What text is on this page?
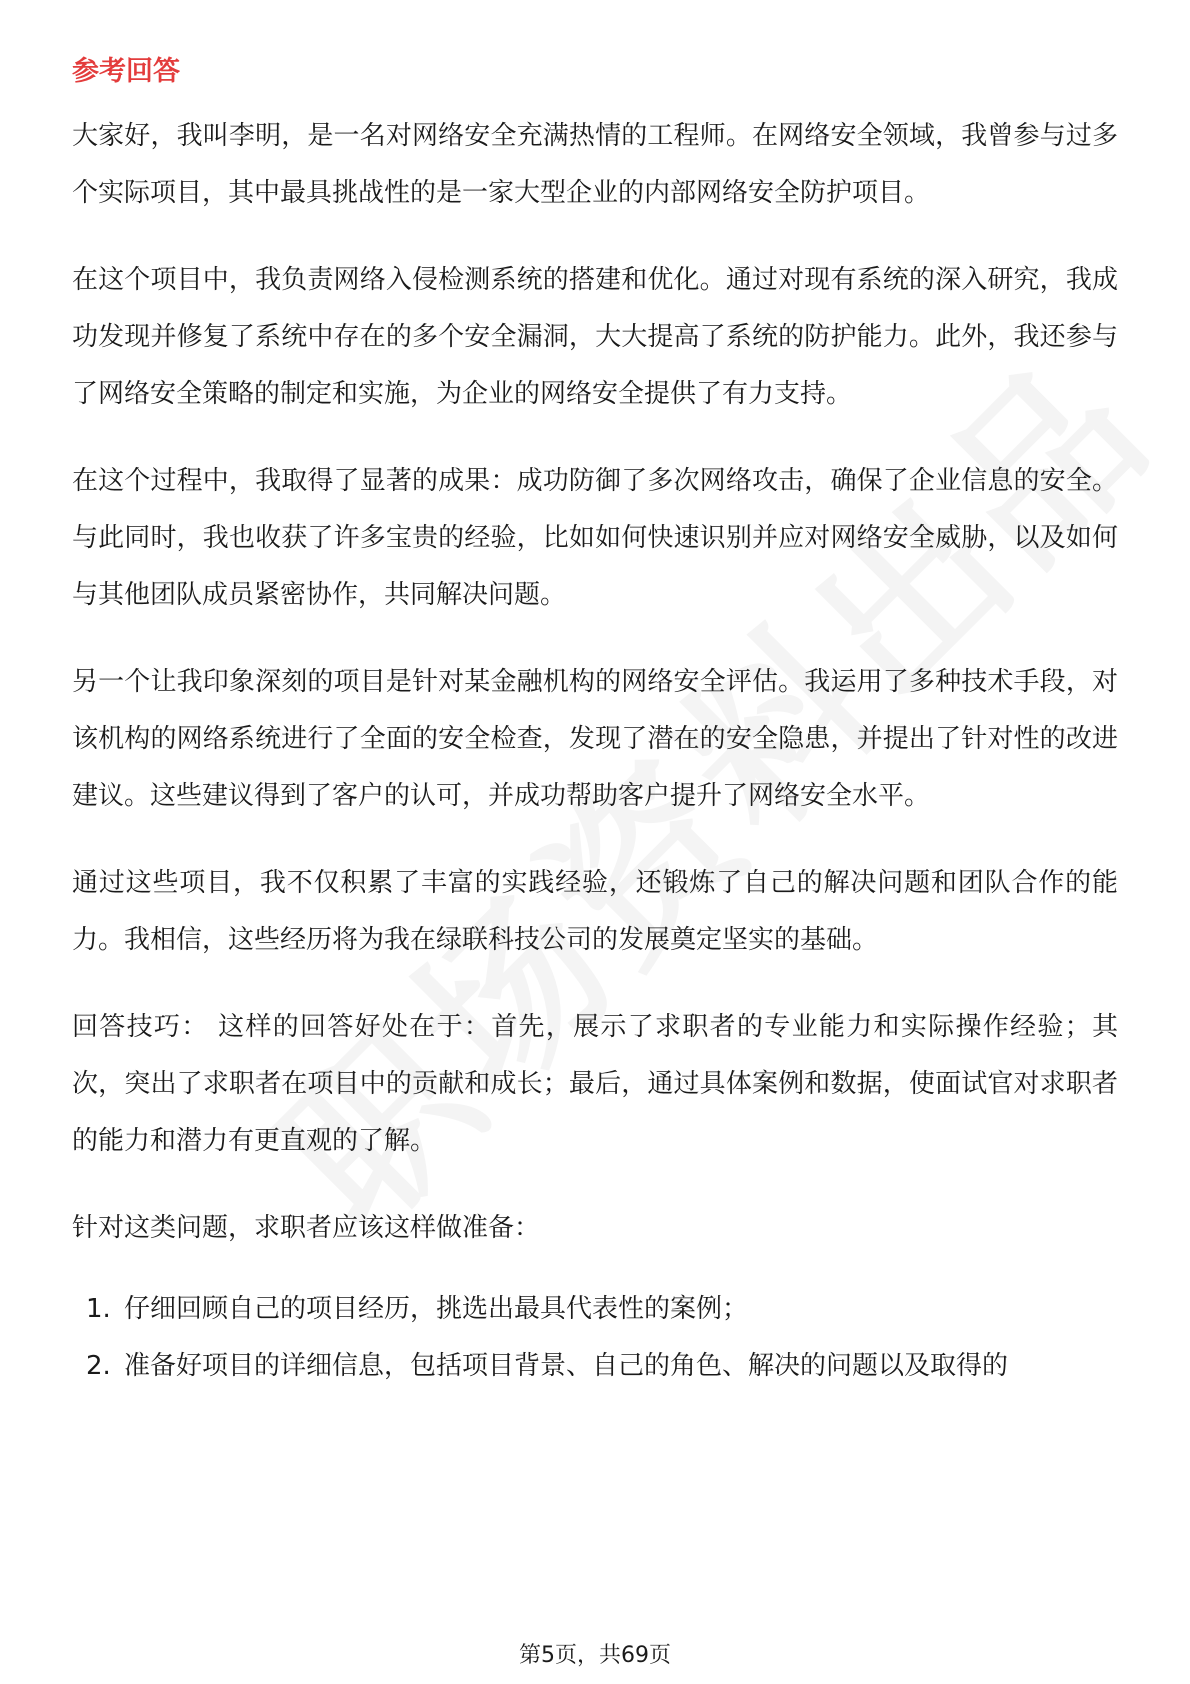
参考回答

大家好，我叫李明，是一名对网络安全充满热情的工程师。在网络安全领域，我曾参与过多个实际项目，其中最具挑战性的是一家大型企业的内部网络安全防护项目。

在这个项目中，我负责网络入侵检测系统的搭建和优化。通过对现有系统的深入研究，我成功发现并修复了系统中存在的多个安全漏洞，大大提高了系统的防护能力。此外，我还参与了网络安全策略的制定和实施，为企业的网络安全提供了有力支持。

在这个过程中，我取得了显著的成果：成功防御了多次网络攻击，确保了企业信息的安全。与此同时，我也收获了许多宝贵的经验，比如如何快速识别并应对网络安全威胁，以及如何与其他团队成员紧密协作，共同解决问题。

另一个让我印象深刻的项目是针对某金融机构的网络安全评估。我运用了多种技术手段，对该机构的网络系统进行了全面的安全检查，发现了潜在的安全隐患，并提出了针对性的改进建议。这些建议得到了客户的认可，并成功帮助客户提升了网络安全水平。

通过这些项目，我不仅积累了丰富的实践经验，还锻炼了自己的解决问题和团队合作的能力。我相信，这些经历将为我在绿联科技公司的发展奠定坚实的基础。

回答技巧： 这样的回答好处在于：首先，展示了求职者的专业能力和实际操作经验；其次，突出了求职者在项目中的贡献和成长；最后，通过具体案例和数据，使面试官对求职者的能力和潜力有更直观的了解。

针对这类问题，求职者应该这样做准备：

1. 仔细回顾自己的项目经历，挑选出最具代表性的案例；
2. 准备好项目的详细信息，包括项目背景、自己的角色、解决的问题以及取得的
第5页，共69页
